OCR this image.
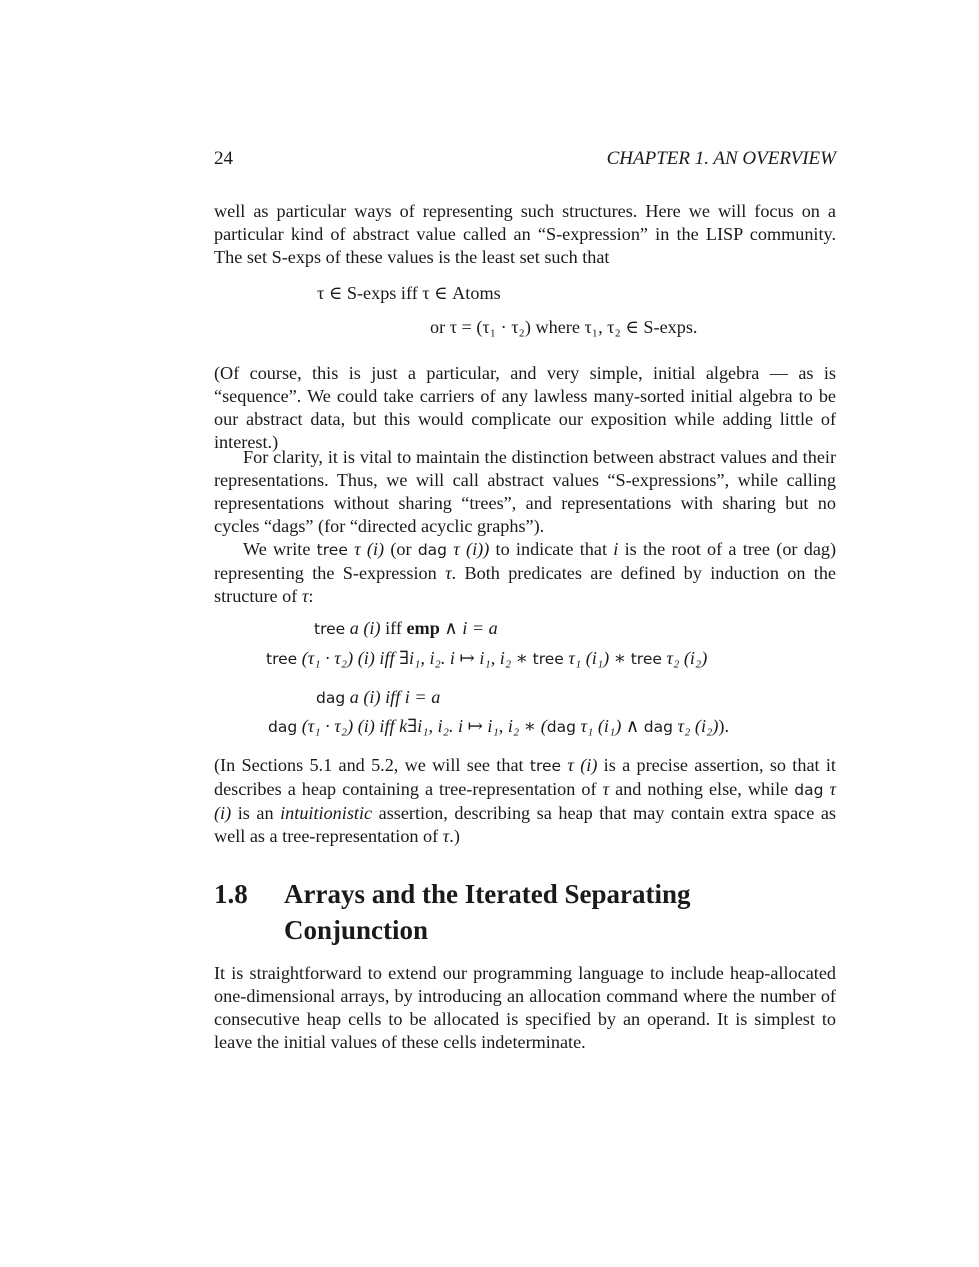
24	CHAPTER 1. AN OVERVIEW

well as particular ways of representing such structures. Here we will focus on a particular kind of abstract value called an “S-expression” in the LISP community. The set S-exps of these values is the least set such that

τ ∈ S-exps iff τ ∈ Atoms
or τ = (τ₁ · τ₂) where τ₁, τ₂ ∈ S-exps.

(Of course, this is just a particular, and very simple, initial algebra — as is “sequence”. We could take carriers of any lawless many-sorted initial algebra to be our abstract data, but this would complicate our exposition while adding little of interest.)

For clarity, it is vital to maintain the distinction between abstract values and their representations. Thus, we will call abstract values “S-expressions”, while calling representations without sharing “trees”, and representations with sharing but no cycles “dags” (for “directed acyclic graphs”).

We write tree τ (i) (or dag τ (i)) to indicate that i is the root of a tree (or dag) representing the S-expression τ. Both predicates are defined by induction on the structure of τ:

tree a (i) iff emp ∧ i = a
tree (τ₁ · τ₂) (i) iff ∃i₁, i₂. i ↦ i₁, i₂ ∗ tree τ₁ (i₁) ∗ tree τ₂ (i₂)
dag a (i) iff i = a
dag (τ₁ · τ₂) (i) iff k∃i₁, i₂. i ↦ i₁, i₂ ∗ (dag τ₁ (i₁) ∧ dag τ₂ (i₂)).

(In Sections 5.1 and 5.2, we will see that tree τ (i) is a precise assertion, so that it describes a heap containing a tree-representation of τ and nothing else, while dag τ (i) is an intuitionistic assertion, describing sa heap that may contain extra space as well as a tree-representation of τ.)

1.8 Arrays and the Iterated Separating Conjunction

It is straightforward to extend our programming language to include heap-allocated one-dimensional arrays, by introducing an allocation command where the number of consecutive heap cells to be allocated is specified by an operand. It is simplest to leave the initial values of these cells indeterminate.
